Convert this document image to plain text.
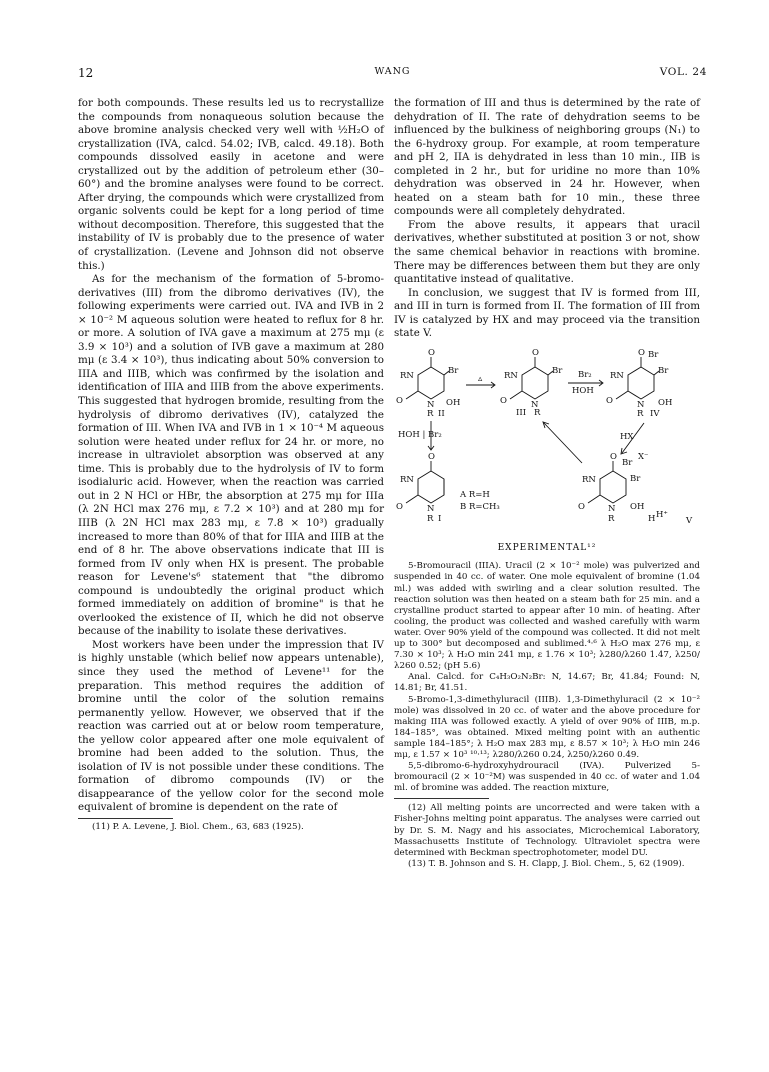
12	WANG	VOL. 24

for both compounds. These results led us to recrystallize the compounds from nonaqueous solution because the above bromine analysis checked very well with ½H₂O of crystallization (IVA, calcd. 54.02; IVB, calcd. 49.18). Both compounds dissolved easily in acetone and were crystallized out by the addition of petroleum ether (30–60°) and the bromine analyses were found to be correct. After drying, the compounds which were crystallized from organic solvents could be kept for a long period of time without decomposition. Therefore, this suggested that the instability of IV is probably due to the presence of water of crystallization. (Levene and Johnson did not observe this.)

As for the mechanism of the formation of 5-bromo-derivatives (III) from the dibromo derivatives (IV), the following experiments were carried out. IVA and IVB in 2 × 10⁻² M aqueous solution were heated to reflux for 8 hr. or more. A solution of IVA gave a maximum at 275 mμ (ε 3.9 × 10³) and a solution of IVB gave a maximum at 280 mμ (ε 3.4 × 10³), thus indicating about 50% conversion to IIIA and IIIB, which was confirmed by the isolation and identification of IIIA and IIIB from the above experiments. This suggested that hydrogen bromide, resulting from the hydrolysis of dibromo derivatives (IV), catalyzed the formation of III. When IVA and IVB in 1 × 10⁻⁴ M aqueous solution were heated under reflux for 24 hr. or more, no increase in ultraviolet absorption was observed at any time. This is probably due to the hydrolysis of IV to form isodialuric acid. However, when the reaction was carried out in 2 N HCl or HBr, the absorption at 275 mμ for IIIa (λ 2N HCl max 276 mμ, ε 7.2 × 10³) and at 280 mμ for IIIB (λ 2N HCl max 283 mμ, ε 7.8 × 10³) gradually increased to more than 80% of that for IIIA and IIIB at the end of 8 hr. The above observations indicate that III is formed from IV only when HX is present. The probable reason for Levene's⁶ statement that "the dibromo compound is undoubtedly the original product which formed immediately on addition of bromine" is that he overlooked the existence of II, which he did not observe because of the inability to isolate these derivatives.

Most workers have been under the impression that IV is highly unstable (which belief now appears untenable), since they used the method of Levene¹¹ for the preparation. This method requires the addition of bromine until the color of the solution remains permanently yellow. However, we observed that if the reaction was carried out at or below room temperature, the yellow color appeared after one mole equivalent of bromine had been added to the solution. Thus, the isolation of IV is not possible under these conditions. The formation of dibromo compounds (IV) or the disappearance of the yellow color for the second mole equivalent of bromine is dependent on the rate of

(11) P. A. Levene, J. Biol. Chem., 63, 683 (1925).

the formation of III and thus is determined by the rate of dehydration of II. The rate of dehydration seems to be influenced by the bulkiness of neighboring groups (N₁) to the 6-hydroxy group. For example, at room temperature and pH 2, IIA is dehydrated in less than 10 min., IIB is completed in 2 hr., but for uridine no more than 10% dehydration was observed in 24 hr. However, when heated on a steam bath for 10 min., these three compounds were all completely dehydrated.

From the above results, it appears that uracil derivatives, whether substituted at position 3 or not, show the same chemical behavior in reactions with bromine. There may be differences between them but they are only quantitative instead of qualitative.

In conclusion, we suggest that IV is formed from III, and III in turn is formed from II. The formation of III from IV is catalyzed by HX and may proceed via the transition state V.

O
RN	Br
O	N OH
R II
▵
O
RN	Br
O	N
III R
Br₂
HOH
O
RN
Br
Br
O	N OH
R IV
HOH | Br₂
O
RN
O	N
R I
A R=H
B R=CH₃
HX
O
RN
Br
X⁻
Br
O	N OH
R	H H⁺
V
EXPERIMENTAL¹²

5-Bromouracil (IIIA). Uracil (2 × 10⁻² mole) was pulverized and suspended in 40 cc. of water. One mole equivalent of bromine (1.04 ml.) was added with swirling and a clear solution resulted. The reaction solution was then heated on a steam bath for 25 min. and a crystalline product started to appear after 10 min. of heating. After cooling, the product was collected and washed carefully with warm water. Over 90% yield of the compound was collected. It did not melt up to 300° but decomposed and sublimed.⁴·⁶ λ H₂O max 276 mμ, ε 7.30 × 10³; λ H₂O min 241 mμ, ε 1.76 × 10³; λ280/λ260 1.47, λ250/λ260 0.52; (pH 5.6)

Anal. Calcd. for C₄H₃O₂N₂Br: N, 14.67; Br, 41.84; Found: N, 14.81; Br, 41.51.

5-Bromo-1,3-dimethyluracil (IIIB). 1,3-Dimethyluracil (2 × 10⁻² mole) was dissolved in 20 cc. of water and the above procedure for making IIIA was followed exactly. A yield of over 90% of IIIB, m.p. 184–185°, was obtained. Mixed melting point with an authentic sample 184–185°; λ H₂O max 283 mμ, ε 8.57 × 10³; λ H₂O min 246 mμ, ε 1.57 × 10³ ¹⁰·¹³; λ280/λ260 0.24, λ250/λ260 0.49.

5,5-dibromo-6-hydroxyhydrouracil (IVA). Pulverized 5-bromouracil (2 × 10⁻²M) was suspended in 40 cc. of water and 1.04 ml. of bromine was added. The reaction mixture,

(12) All melting points are uncorrected and were taken with a Fisher-Johns melting point apparatus. The analyses were carried out by Dr. S. M. Nagy and his associates, Microchemical Laboratory, Massachusetts Institute of Technology. Ultraviolet spectra were determined with Beckman spectrophotometer, model DU.

(13) T. B. Johnson and S. H. Clapp, J. Biol. Chem., 5, 62 (1909).
